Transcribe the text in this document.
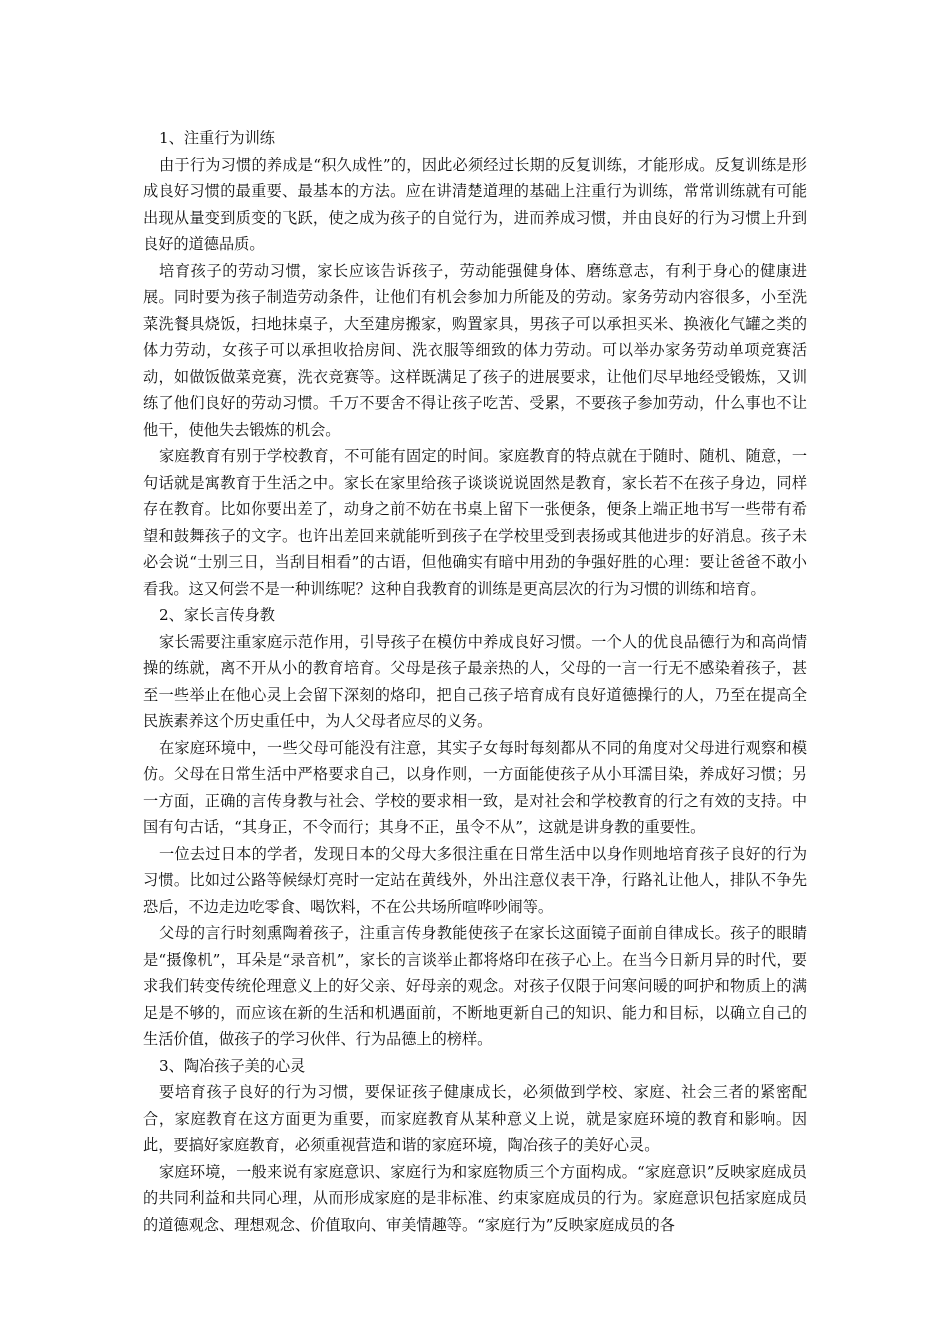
1、注重行为训练
由于行为习惯的养成是“积久成性”的，因此必须经过长期的反复训练，才能形成。反复训练是形成良好习惯的最重要、最基本的方法。应在讲清楚道理的基础上注重行为训练，常常训练就有可能出现从量变到质变的飞跃，使之成为孩子的自觉行为，进而养成习惯，并由良好的行为习惯上升到良好的道德品质。
培育孩子的劳动习惯，家长应该告诉孩子，劳动能强健身体、磨练意志，有利于身心的健康进展。同时要为孩子制造劳动条件，让他们有机会参加力所能及的劳动。家务劳动内容很多，小至洗菜洗餐具烧饭，扫地抹桌子，大至建房搬家，购置家具，男孩子可以承担买米、换液化气罐之类的体力劳动，女孩子可以承担收拾房间、洗衣服等细致的体力劳动。可以举办家务劳动单项竞赛活动，如做饭做菜竞赛，洗衣竞赛等。这样既满足了孩子的进展要求，让他们尽早地经受锻炼，又训练了他们良好的劳动习惯。千万不要舍不得让孩子吃苦、受累，不要孩子参加劳动，什么事也不让他干，使他失去锻炼的机会。
家庭教育有别于学校教育，不可能有固定的时间。家庭教育的特点就在于随时、随机、随意，一句话就是寓教育于生活之中。家长在家里给孩子谈谈说说固然是教育，家长若不在孩子身边，同样存在教育。比如你要出差了，动身之前不妨在书桌上留下一张便条，便条上端正地书写一些带有希望和鼓舞孩子的文字。也许出差回来就能听到孩子在学校里受到表扬或其他进步的好消息。孩子未必会说“士别三日，当刮目相看”的古语，但他确实有暗中用劲的争强好胜的心理：要让爸爸不敢小看我。这又何尝不是一种训练呢？这种自我教育的训练是更高层次的行为习惯的训练和培育。
2、家长言传身教
家长需要注重家庭示范作用，引导孩子在模仿中养成良好习惯。一个人的优良品德行为和高尚情操的练就，离不开从小的教育培育。父母是孩子最亲热的人，父母的一言一行无不感染着孩子，甚至一些举止在他心灵上会留下深刻的烙印，把自己孩子培育成有良好道德操行的人，乃至在提高全民族素养这个历史重任中，为人父母者应尽的义务。
在家庭环境中，一些父母可能没有注意，其实子女每时每刻都从不同的角度对父母进行观察和模仿。父母在日常生活中严格要求自己，以身作则，一方面能使孩子从小耳濡目染，养成好习惯；另一方面，正确的言传身教与社会、学校的要求相一致，是对社会和学校教育的行之有效的支持。中国有句古话，“其身正，不令而行；其身不正，虽令不从”，这就是讲身教的重要性。
一位去过日本的学者，发现日本的父母大多很注重在日常生活中以身作则地培育孩子良好的行为习惯。比如过公路等候绿灯亮时一定站在黄线外，外出注意仪表干净，行路礼让他人，排队不争先恐后，不边走边吃零食、喝饮料，不在公共场所喧哗吵闹等。
父母的言行时刻熏陶着孩子，注重言传身教能使孩子在家长这面镜子面前自律成长。孩子的眼睛是“摄像机”，耳朵是“录音机”，家长的言谈举止都将烙印在孩子心上。在当今日新月异的时代，要求我们转变传统伦理意义上的好父亲、好母亲的观念。对孩子仅限于问寒问暖的呵护和物质上的满足是不够的，而应该在新的生活和机遇面前，不断地更新自己的知识、能力和目标，以确立自己的生活价值，做孩子的学习伙伴、行为品德上的榜样。
3、陶冶孩子美的心灵
要培育孩子良好的行为习惯，要保证孩子健康成长，必须做到学校、家庭、社会三者的紧密配合，家庭教育在这方面更为重要，而家庭教育从某种意义上说，就是家庭环境的教育和影响。因此，要搞好家庭教育，必须重视营造和谐的家庭环境，陶冶孩子的美好心灵。
家庭环境，一般来说有家庭意识、家庭行为和家庭物质三个方面构成。“家庭意识”反映家庭成员的共同利益和共同心理，从而形成家庭的是非标准、约束家庭成员的行为。家庭意识包括家庭成员的道德观念、理想观念、价值取向、审美情趣等。“家庭行为”反映家庭成员的各
